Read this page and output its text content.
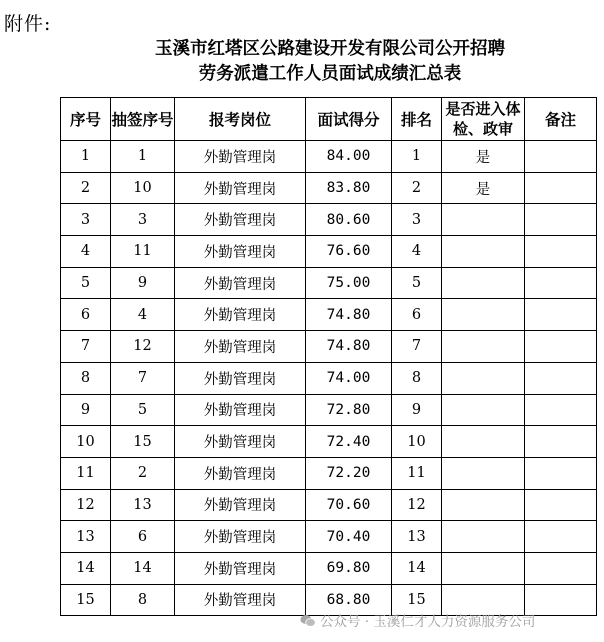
附件:
玉溪市红塔区公路建设开发有限公司公开招聘
劳务派遣工作人员面试成绩汇总表
序号	抽签序号	报考岗位	面试得分	排名	是否进入体
检、政审	备注
1	1	外勤管理岗	84.00	1	是	
2	10	外勤管理岗	83.80	2	是	
3	3	外勤管理岗	80.60	3		
4	11	外勤管理岗	76.60	4		
5	9	外勤管理岗	75.00	5		
6	4	外勤管理岗	74.80	6		
7	12	外勤管理岗	74.80	7		
8	7	外勤管理岗	74.00	8		
9	5	外勤管理岗	72.80	9		
10	15	外勤管理岗	72.40	10		
11	2	外勤管理岗	72.20	11		
12	13	外勤管理岗	70.60	12		
13	6	外勤管理岗	70.40	13		
14	14	外勤管理岗	69.80	14		
15	8	外勤管理岗	68.80	15		
公众号 · 玉溪仁才人力资源服务公司
